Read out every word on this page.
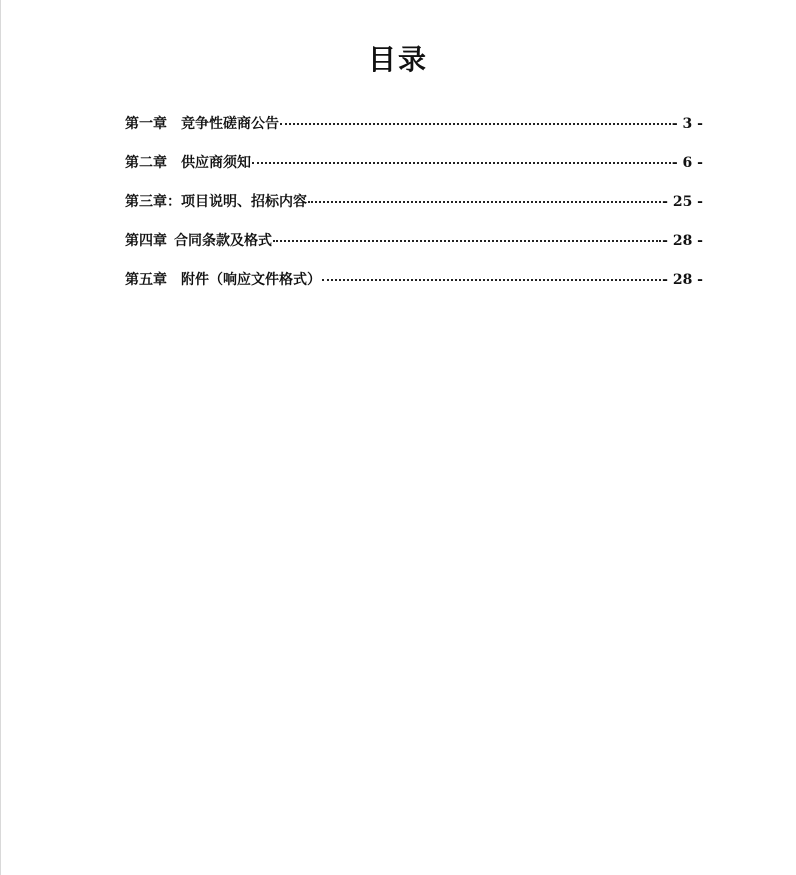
目录
第一章 竞争性磋商公告	- 3 -
第二章 供应商须知	- 6 -
第三章： 项目说明、招标内容	- 25 -
第四章 合同条款及格式	- 28 -
第五章 附件（响应文件格式）	- 28 -
